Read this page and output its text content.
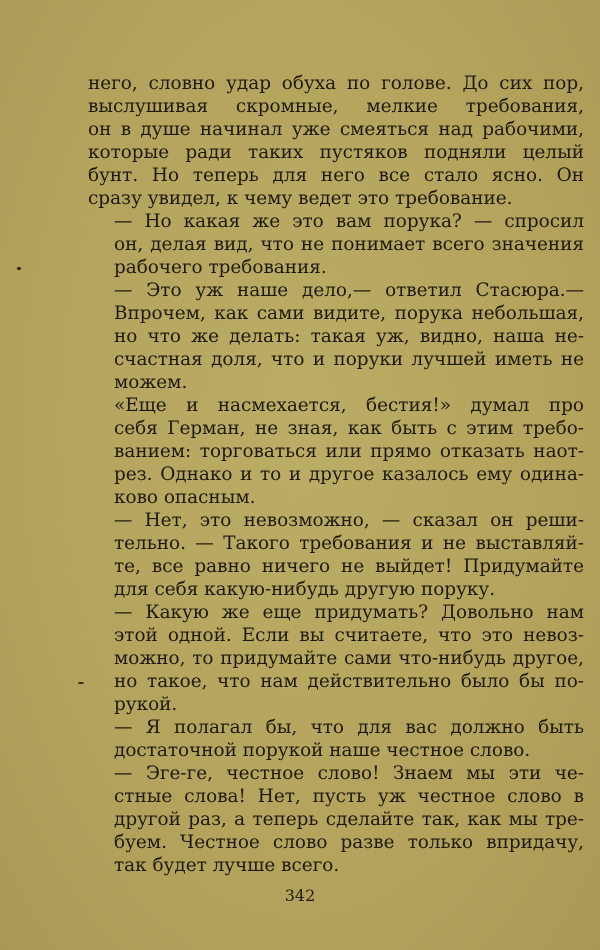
него, словно удар обуха по голове. До сих пор,
выслушивая скромные, мелкие требования,
он в душе начинал уже смеяться над рабочими,
которые ради таких пустяков подняли целый
бунт. Но теперь для него все стало ясно. Он
сразу увидел, к чему ведет это требование.
— Но какая же это вам порука? — спросил
он, делая вид, что не понимает всего значения
рабочего требования.
— Это уж наше дело,— ответил Стасюра.—
Впрочем, как сами видите, порука небольшая,
но что же делать: такая уж, видно, наша не-
счастная доля, что и поруки лучшей иметь не
можем.
«Еще и насмехается, бестия!» думал про
себя Герман, не зная, как быть с этим требо-
ванием: торговаться или прямо отказать наот-
рез. Однако и то и другое казалось ему одина-
ково опасным.
— Нет, это невозможно, — сказал он реши-
тельно. — Такого требования и не выставляй-
те, все равно ничего не выйдет! Придумайте
для себя какую-нибудь другую поруку.
— Какую же еще придумать? Довольно нам
этой одной. Если вы считаете, что это невоз-
можно, то придумайте сами что-нибудь другое,
но такое, что нам действительно было бы по-
рукой.
— Я полагал бы, что для вас должно быть
достаточной порукой наше честное слово.
— Эге-ге, честное слово! Знаем мы эти че-
стные слова! Нет, пусть уж честное слово в
другой раз, а теперь сделайте так, как мы тре-
буем. Честное слово разве только впридачу,
так будет лучше всего.
342
